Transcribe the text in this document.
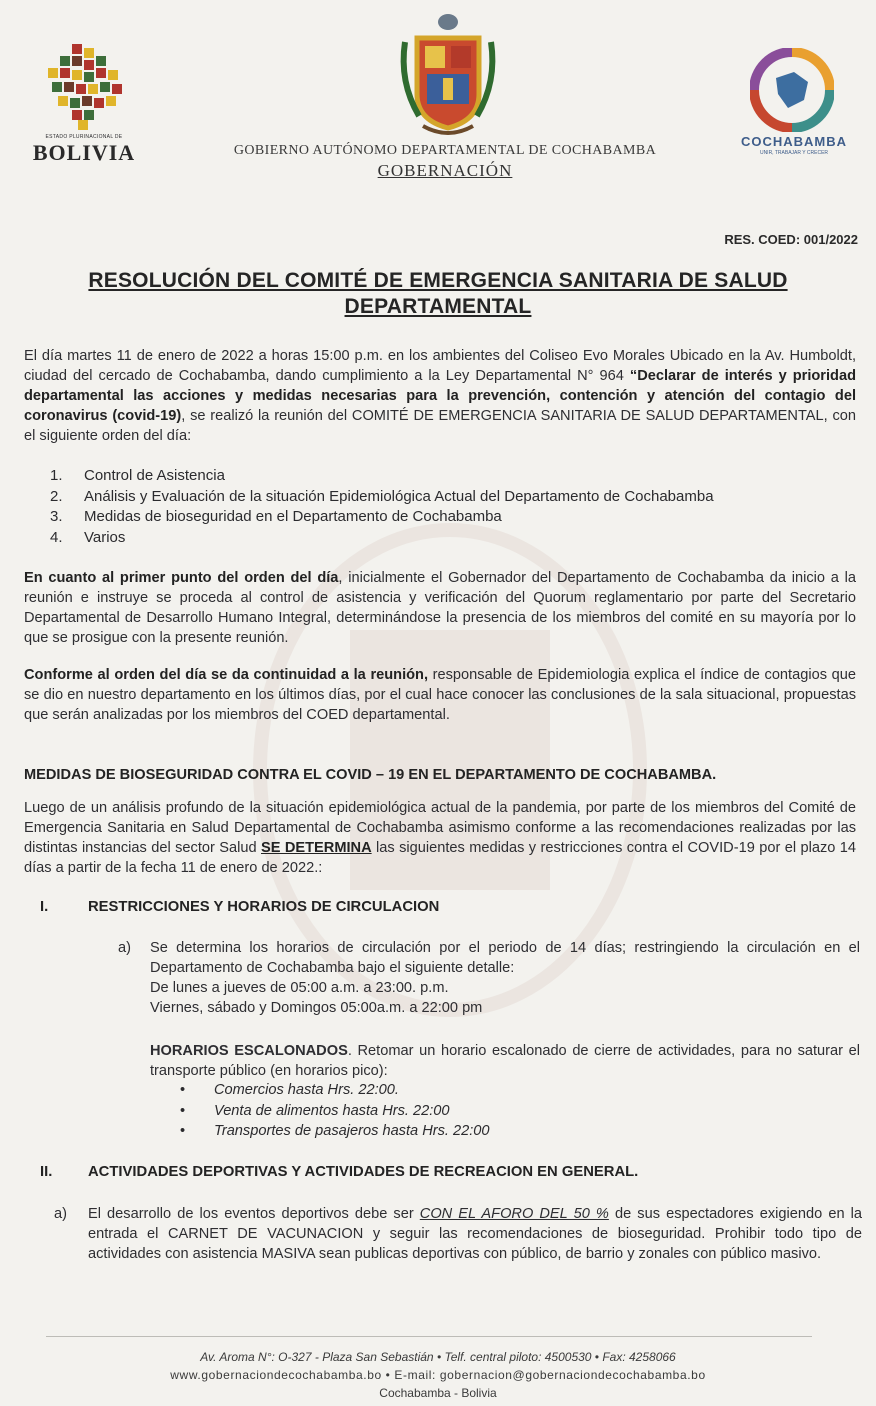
ESTADO PLURINACIONAL DE
BOLIVIA	GOBIERNO AUTÓNOMO DEPARTAMENTAL DE COCHABAMBA
GOBERNACIÓN
COCHABAMBA
UNIR, TRABAJAR Y CRECER
RES. COED: 001/2022
RESOLUCIÓN DEL COMITÉ DE EMERGENCIA SANITARIA DE SALUD DEPARTAMENTAL
El día martes 11 de enero de 2022 a horas 15:00 p.m. en los ambientes del Coliseo Evo Morales Ubicado en la Av. Humboldt, ciudad del cercado de Cochabamba, dando cumplimiento a la Ley Departamental N° 964 “Declarar de interés y prioridad departamental las acciones y medidas necesarias para la prevención, contención y atención del contagio del coronavirus (covid-19), se realizó la reunión del COMITÉ DE EMERGENCIA SANITARIA DE SALUD DEPARTAMENTAL, con el siguiente orden del día:
1. Control de Asistencia
2. Análisis y Evaluación de la situación Epidemiológica Actual del Departamento de Cochabamba
3. Medidas de bioseguridad en el Departamento de Cochabamba
4. Varios
En cuanto al primer punto del orden del día, inicialmente el Gobernador del Departamento de Cochabamba da inicio a la reunión e instruye se proceda al control de asistencia y verificación del Quorum reglamentario por parte del Secretario Departamental de Desarrollo Humano Integral, determinándose la presencia de los miembros del comité en su mayoría por lo que se prosigue con la presente reunión.
Conforme al orden del día se da continuidad a la reunión, responsable de Epidemiologia explica el índice de contagios que se dio en nuestro departamento en los últimos días, por el cual hace conocer las conclusiones de la sala situacional, propuestas que serán analizadas por los miembros del COED departamental.
MEDIDAS DE BIOSEGURIDAD CONTRA EL COVID – 19 EN EL DEPARTAMENTO DE COCHABAMBA.
Luego de un análisis profundo de la situación epidemiológica actual de la pandemia, por parte de los miembros del Comité de Emergencia Sanitaria en Salud Departamental de Cochabamba asimismo conforme a las recomendaciones realizadas por las distintas instancias del sector Salud SE DETERMINA las siguientes medidas y restricciones contra el COVID-19 por el plazo 14 días a partir de la fecha 11 de enero de 2022.:
I.	RESTRICCIONES Y HORARIOS DE CIRCULACION
a) Se determina los horarios de circulación por el periodo de 14 días; restringiendo la circulación en el Departamento de Cochabamba bajo el siguiente detalle:
De lunes a jueves de 05:00 a.m. a 23:00. p.m.
Viernes, sábado y Domingos 05:00a.m. a 22:00 pm
HORARIOS ESCALONADOS. Retomar un horario escalonado de cierre de actividades, para no saturar el transporte público (en horarios pico):
• Comercios hasta Hrs. 22:00.
• Venta de alimentos hasta Hrs. 22:00
• Transportes de pasajeros hasta Hrs. 22:00
II. ACTIVIDADES DEPORTIVAS Y ACTIVIDADES DE RECREACION EN GENERAL.
a) El desarrollo de los eventos deportivos debe ser CON EL AFORO DEL 50 % de sus espectadores exigiendo en la entrada el CARNET DE VACUNACION y seguir las recomendaciones de bioseguridad. Prohibir todo tipo de actividades con asistencia MASIVA sean publicas deportivas con público, de barrio y zonales con público masivo.
Av. Aroma N°: O-327 - Plaza San Sebastián • Telf. central piloto: 4500530 • Fax: 4258066
www.gobernaciondecochabamba.bo • E-mail: gobernacion@gobernaciondecochabamba.bo
Cochabamba - Bolivia
